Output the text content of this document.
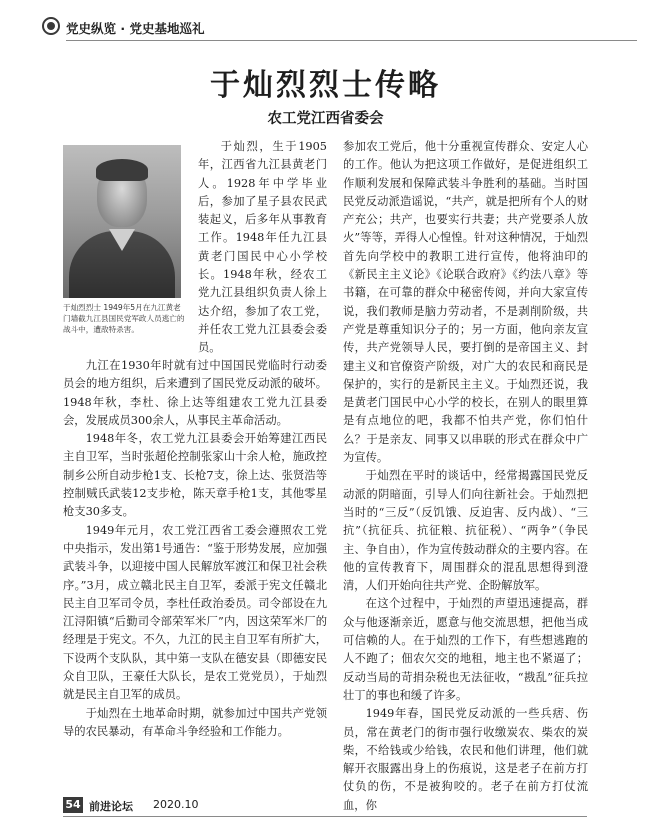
党史纵览 · 党史基地巡礼
于灿烈烈士传略
农工党江西省委会

于灿烈烈士 1949年5月在九江黄老门墙截九江县国民党军政人员逃亡的战斗中，遭敌特杀害。

于灿烈，生于1905年，江西省九江县黄老门人。1928年中学毕业后，参加了星子县农民武装起义，后多年从事教育工作。1948年任九江县黄老门国民中心小学校长。1948年秋，经农工党九江县组织负责人徐上达介绍，参加了农工党，并任农工党九江县委会委员。

九江在1930年时就有过中国国民党临时行动委员会的地方组织，后来遭到了国民党反动派的破坏。1948年秋，李杜、徐上达等组建农工党九江县委会，发展成员300余人，从事民主革命活动。

1948年冬，农工党九江县委会开始筹建江西民主自卫军，当时张超伦控制张家山十余人枪，施政控制乡公所自动步枪1支、长枪7支，徐上达、张贤浩等控制贼氏武装12支步枪，陈天章手枪1支，其他零星枪支30多支。

1949年元月，农工党江西省工委会遵照农工党中央指示，发出第1号通告：“鉴于形势发展，应加强武装斗争，以迎接中国人民解放军渡江和保卫社会秩序。”3月，成立赣北民主自卫军，委派于宪文任赣北民主自卫军司令员，李杜任政治委员。司令部设在九江浔阳镇“后勤司令部荣军米厂”内，因这荣军米厂的经理是于宪文。不久，九江的民主自卫军有所扩大，下设两个支队队，其中第一支队在德安县（即德安民众自卫队，王豪任大队长，是农工党党员），于灿烈就是民主自卫军的成员。

于灿烈在土地革命时期，就参加过中国共产党领导的农民暴动，有革命斗争经验和工作能力。

参加农工党后，他十分重视宣传群众、安定人心的工作。他认为把这项工作做好，是促进组织工作顺利发展和保障武装斗争胜利的基础。当时国民党反动派造谣说，“共产，就是把所有个人的财产充公；共产，也要实行共妻；共产党要杀人放火”等等，弄得人心惶惶。针对这种情况，于灿烈首先向学校中的教职工进行宣传，他将油印的《新民主主义论》《论联合政府》《约法八章》等书籍，在可靠的群众中秘密传阅，并向大家宣传说，我们教师是脑力劳动者，不是剥削阶级，共产党是尊重知识分子的；另一方面，他向亲友宣传，共产党领导人民，要打倒的是帝国主义、封建主义和官僚资产阶级，对广大的农民和商民是保护的，实行的是新民主主义。于灿烈还说，我是黄老门国民中心小学的校长，在别人的眼里算是有点地位的吧，我都不怕共产党，你们怕什么？于是亲友、同事又以串联的形式在群众中广为宣传。

于灿烈在平时的谈话中，经常揭露国民党反动派的阴暗面，引导人们向往新社会。于灿烈把当时的“三反”（反饥饿、反迫害、反内战）、“三抗”（抗征兵、抗征粮、抗征税）、“两争”（争民主、争自由），作为宣传鼓动群众的主要内容。在他的宣传教育下，周围群众的混乱思想得到澄清，人们开始向往共产党、企盼解放军。

在这个过程中，于灿烈的声望迅速提高，群众与他逐渐亲近，愿意与他交流思想，把他当成可信赖的人。在于灿烈的工作下，有些想逃跑的人不跑了；佃农欠交的地租，地主也不紧逼了；反动当局的苛捐杂税也无法征收，“戡乱”征兵拉壮丁的事也和缓了许多。

1949年春，国民党反动派的一些兵痞、伤员，常在黄老门的街市强行收缴炭农、柴农的炭柴，不给钱或少给钱，农民和他们讲理，他们就解开衣服露出身上的伤痕说，这是老子在前方打仗负的伤，不是被狗咬的。老子在前方打仗流血，你

54 前进论坛 2020.10
